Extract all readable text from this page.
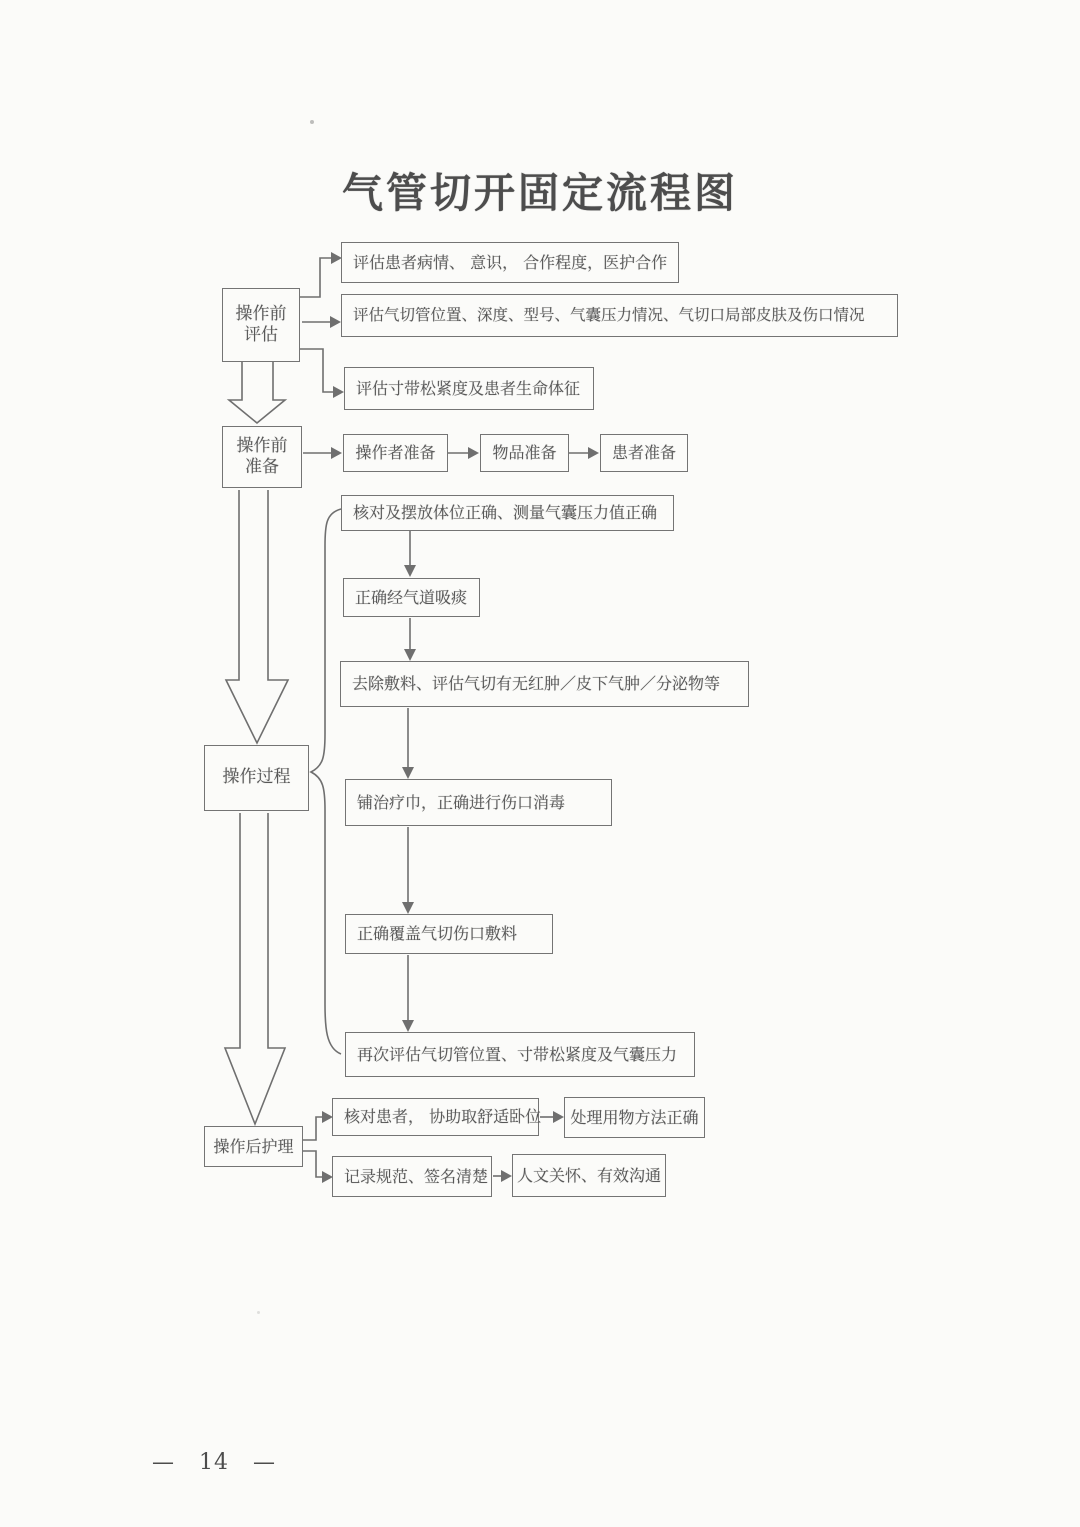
气管切开固定流程图
操作前
评估
操作前
准备
操作过程
操作后护理
评估患者病情、 意识， 合作程度，医护合作
评估气切管位置、深度、型号、气囊压力情况、气切口局部皮肤及伤口情况
评估寸带松紧度及患者生命体征
操作者准备	物品准备	患者准备
核对及摆放体位正确、测量气囊压力值正确
正确经气道吸痰
去除敷料、评估气切有无红肿／皮下气肿／分泌物等
铺治疗巾，正确进行伤口消毒
正确覆盖气切伤口敷料
再次评估气切管位置、寸带松紧度及气囊压力
核对患者， 协助取舒适卧位 处理用物方法正确
记录规范、签名清楚 人文关怀、有效沟通
— 14 —
